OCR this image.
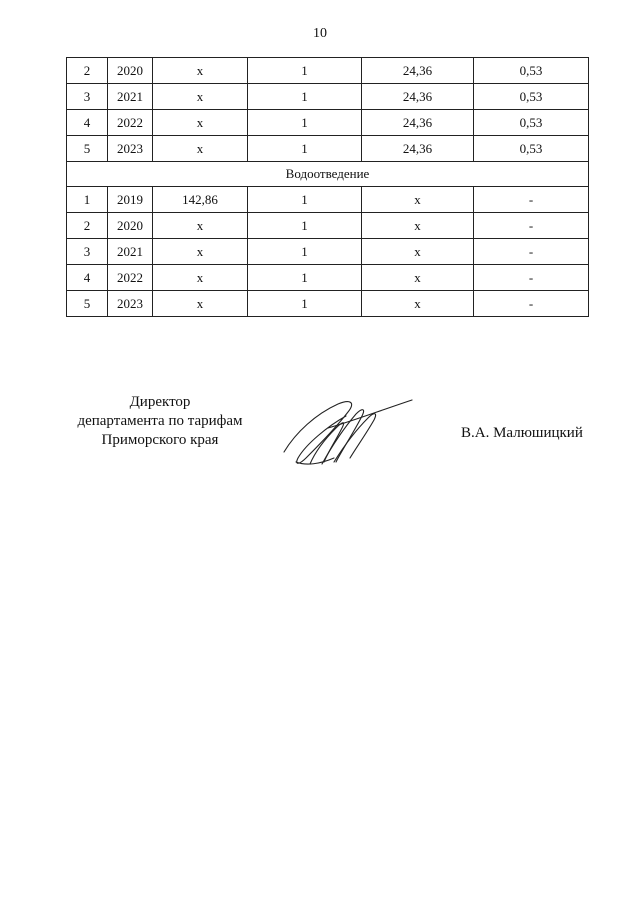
10
2	2020	х	1	24,36	0,53
3	2021	х	1	24,36	0,53
4	2022	х	1	24,36	0,53
5	2023	х	1	24,36	0,53
Водоотведение					
1	2019	142,86	1	х	-
2	2020	х	1	х	-
3	2021	х	1	х	-
4	2022	х	1	х	-
5	2023	х	1	х	-
Директор
департамента по тарифам
Приморского края	В.А. Малюшицкий
